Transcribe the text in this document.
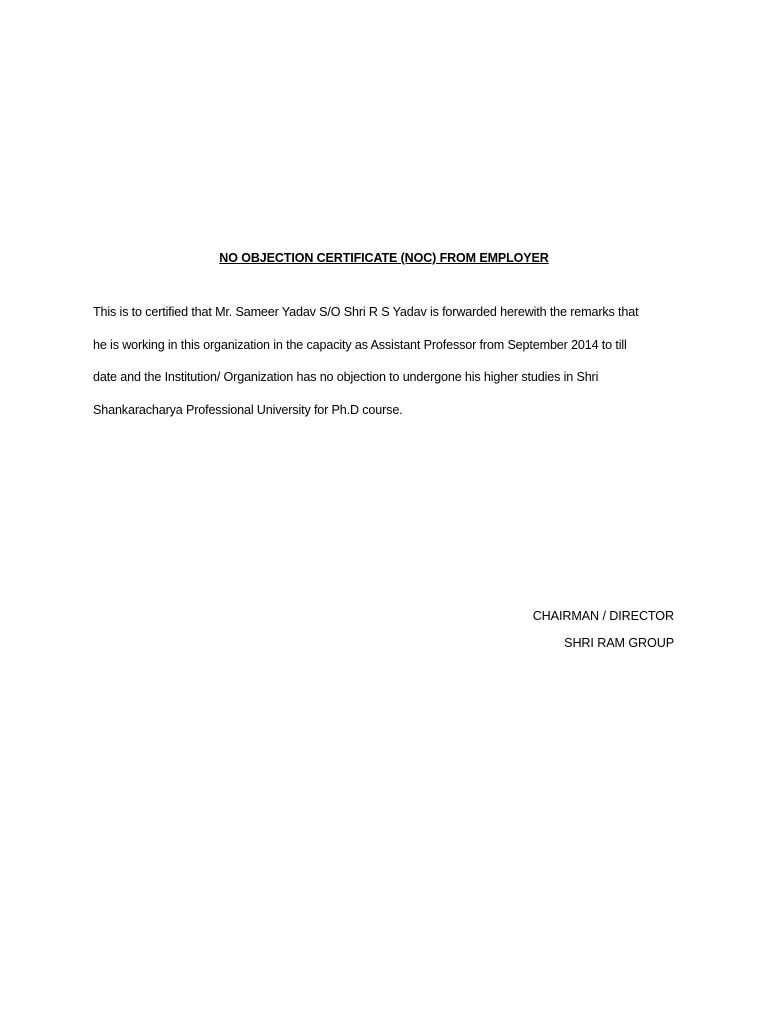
NO OBJECTION CERTIFICATE (NOC) FROM EMPLOYER
This is to certified that Mr. Sameer Yadav S/O Shri R S Yadav is forwarded herewith the remarks that
he is working in this organization in the capacity as Assistant Professor from September 2014 to till
date and the Institution/ Organization has no objection to undergone his higher studies in Shri
Shankaracharya Professional University for Ph.D course.
CHAIRMAN / DIRECTOR
SHRI RAM GROUP
